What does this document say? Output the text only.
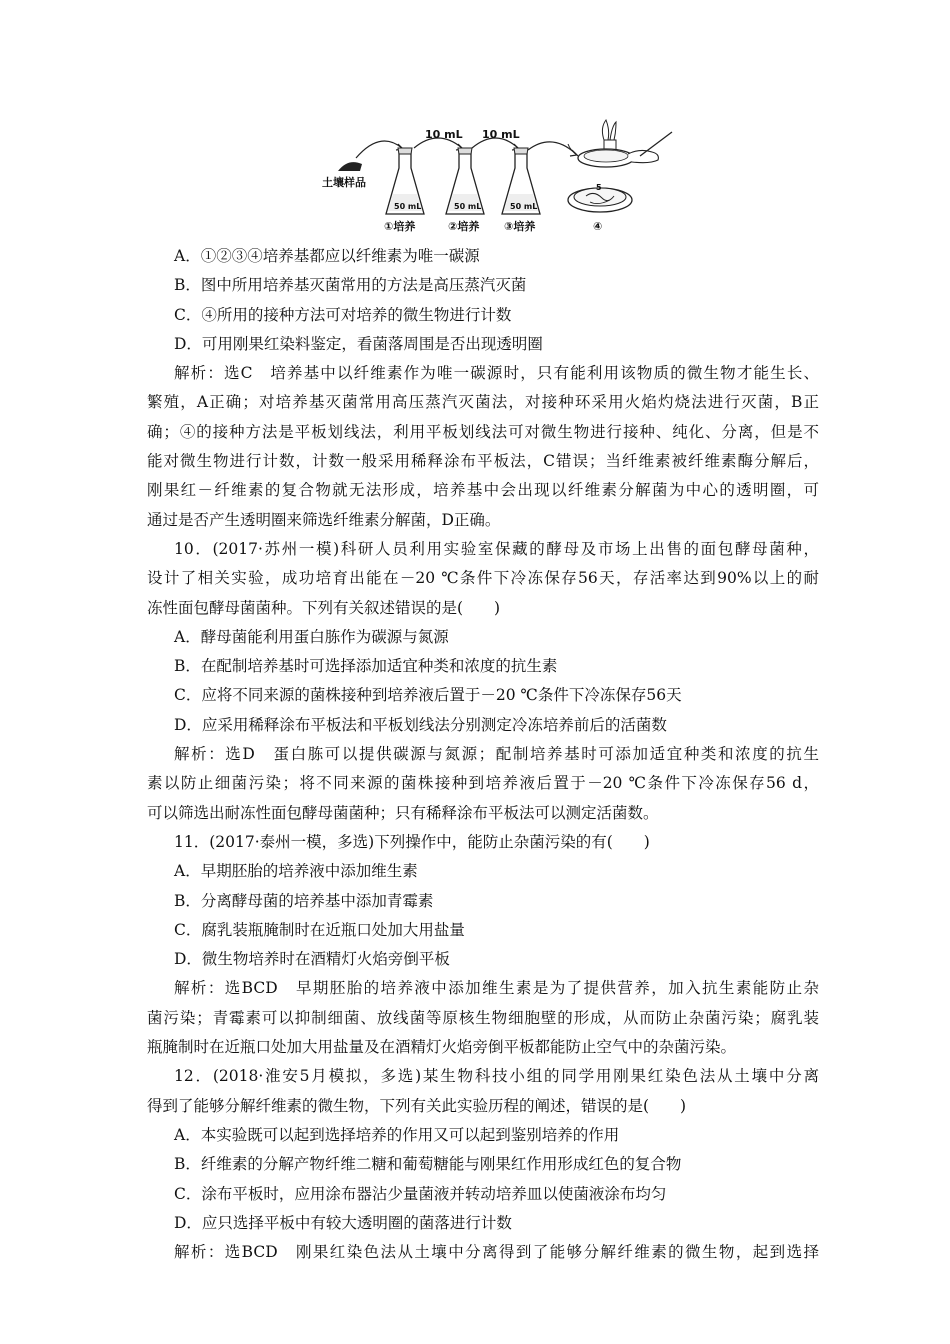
土壤样品
10 mL 10 mL
50 mL	50 mL	50 mL
5
①培养	②培养 ③培养	④
A．①②③④培养基都应以纤维素为唯一碳源
B．图中所用培养基灭菌常用的方法是高压蒸汽灭菌
C．④所用的接种方法可对培养的微生物进行计数
D．可用刚果红染料鉴定，看菌落周围是否出现透明圈
解析：选C　培养基中以纤维素作为唯一碳源时，只有能利用该物质的微生物才能生长、
繁殖，A正确；对培养基灭菌常用高压蒸汽灭菌法，对接种环采用火焰灼烧法进行灭菌，B正
确；④的接种方法是平板划线法，利用平板划线法可对微生物进行接种、纯化、分离，但是不
能对微生物进行计数，计数一般采用稀释涂布平板法，C错误；当纤维素被纤维素酶分解后，
刚果红－纤维素的复合物就无法形成，培养基中会出现以纤维素分解菌为中心的透明圈，可
通过是否产生透明圈来筛选纤维素分解菌，D正确。
10．(2017·苏州一模)科研人员利用实验室保藏的酵母及市场上出售的面包酵母菌种，
设计了相关实验，成功培育出能在－20 ℃条件下冷冻保存56天，存活率达到90%以上的耐
冻性面包酵母菌菌种。下列有关叙述错误的是(　　)
A．酵母菌能利用蛋白胨作为碳源与氮源
B．在配制培养基时可选择添加适宜种类和浓度的抗生素
C．应将不同来源的菌株接种到培养液后置于－20 ℃条件下冷冻保存56天
D．应采用稀释涂布平板法和平板划线法分别测定冷冻培养前后的活菌数
解析：选D　蛋白胨可以提供碳源与氮源；配制培养基时可添加适宜种类和浓度的抗生
素以防止细菌污染；将不同来源的菌株接种到培养液后置于－20 ℃条件下冷冻保存56 d，
可以筛选出耐冻性面包酵母菌菌种；只有稀释涂布平板法可以测定活菌数。
11．(2017·泰州一模，多选)下列操作中，能防止杂菌污染的有(　　)
A．早期胚胎的培养液中添加维生素
B．分离酵母菌的培养基中添加青霉素
C．腐乳装瓶腌制时在近瓶口处加大用盐量
D．微生物培养时在酒精灯火焰旁倒平板
解析：选BCD　早期胚胎的培养液中添加维生素是为了提供营养，加入抗生素能防止杂
菌污染；青霉素可以抑制细菌、放线菌等原核生物细胞壁的形成，从而防止杂菌污染；腐乳装
瓶腌制时在近瓶口处加大用盐量及在酒精灯火焰旁倒平板都能防止空气中的杂菌污染。
12．(2018·淮安5月模拟，多选)某生物科技小组的同学用刚果红染色法从土壤中分离
得到了能够分解纤维素的微生物，下列有关此实验历程的阐述，错误的是(　　)
A．本实验既可以起到选择培养的作用又可以起到鉴别培养的作用
B．纤维素的分解产物纤维二糖和葡萄糖能与刚果红作用形成红色的复合物
C．涂布平板时，应用涂布器沾少量菌液并转动培养皿以使菌液涂布均匀
D．应只选择平板中有较大透明圈的菌落进行计数
解析：选BCD　刚果红染色法从土壤中分离得到了能够分解纤维素的微生物，起到选择
